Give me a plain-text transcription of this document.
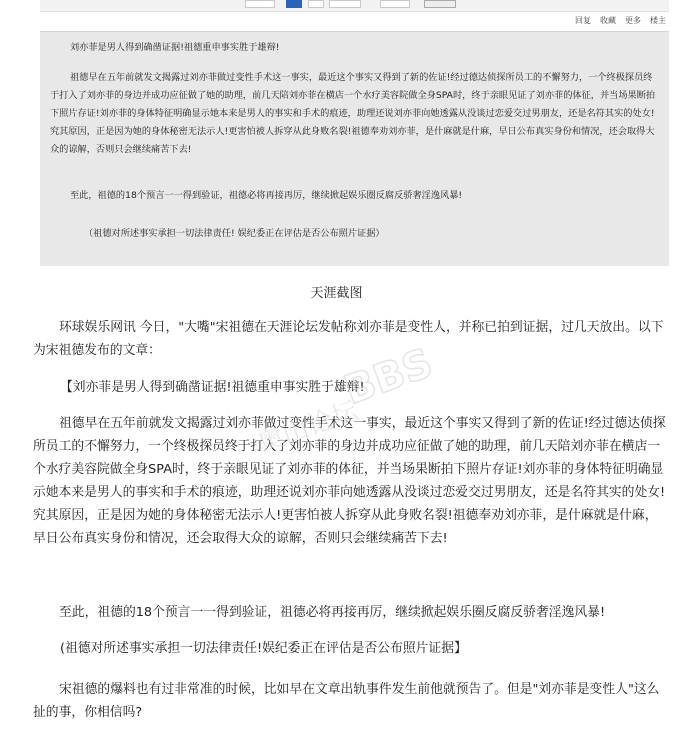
回复 收藏 更多 楼主
刘亦菲是男人得到确凿证据!祖德重申事实胜于雄辩!
祖德早在五年前就发文揭露过刘亦菲做过变性手术这一事实，最近这个事实又得到了新的佐证!经过德达侦探所员工的不懈努力，一个终极探员终于打入了刘亦菲的身边并成功应征做了她的助理，前几天陪刘亦菲在横店一个水疗美容院做全身SPA时，终于亲眼见证了刘亦菲的体征，并当场果断拍下照片存证!刘亦菲的身体特征明确显示她本来是男人的事实和手术的痕迹，助理还说刘亦菲向她透露从没谈过恋爱交过男朋友，还是名符其实的处女!究其原因，正是因为她的身体秘密无法示人!更害怕被人拆穿从此身败名裂!祖德奉劝刘亦菲，是什麻就是什麻，早日公布真实身份和情况，还会取得大众的谅解，否则只会继续痛苦下去!
至此，祖德的18个预言一一得到验证，祖德必将再接再厉，继续掀起娱乐圈反腐反骄奢淫逸风暴!
（祖德对所述事实承担一切法律责任! 娱纪委正在评估是否公布照片证据）
天涯截图

环球娱乐网讯 今日，"大嘴"宋祖德在天涯论坛发帖称刘亦菲是变性人，并称已拍到证据，过几天放出。以下为宋祖德发布的文章：

【刘亦菲是男人得到确凿证据!祖德重申事实胜于雄辩!

祖德早在五年前就发文揭露过刘亦菲做过变性手术这一事实，最近这个事实又得到了新的佐证!经过德达侦探所员工的不懈努力，一个终极探员终于打入了刘亦菲的身边并成功应征做了她的助理，前几天陪刘亦菲在横店一个水疗美容院做全身SPA时，终于亲眼见证了刘亦菲的体征，并当场果断拍下照片存证!刘亦菲的身体特征明确显示她本来是男人的事实和手术的痕迹，助理还说刘亦菲向她透露从没谈过恋爱交过男朋友，还是名符其实的处女!究其原因，正是因为她的身体秘密无法示人!更害怕被人拆穿从此身败名裂!祖德奉劝刘亦菲，是什麻就是什麻，早日公布真实身份和情况，还会取得大众的谅解，否则只会继续痛苦下去!

至此，祖德的18个预言一一得到验证，祖德必将再接再厉，继续掀起娱乐圈反腐反骄奢淫逸风暴!

(祖德对所述事实承担一切法律责任!娱纪委正在评估是否公布照片证据】

宋祖德的爆料也有过非常准的时候，比如早在文章出轨事件发生前他就预告了。但是"刘亦菲是变性人"这么扯的事，你相信吗?

奥山论坛
BBS
